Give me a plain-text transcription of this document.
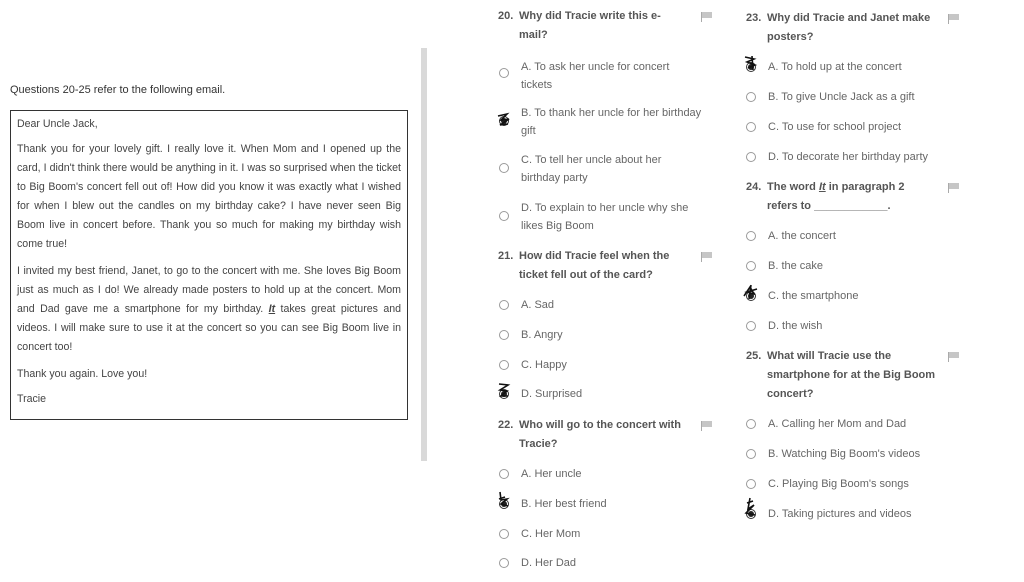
Questions 20-25 refer to the following email.

Dear Uncle Jack,

Thank you for your lovely gift. I really love it. When Mom and I opened up the card, I didn't think there would be anything in it. I was so surprised when the ticket to Big Boom's concert fell out of! How did you know it was exactly what I wished for when I blew out the candles on my birthday cake? I have never seen Big Boom live in concert before. Thank you so much for making my birthday wish come true!

I invited my best friend, Janet, to go to the concert with me. She loves Big Boom just as much as I do! We already made posters to hold up at the concert. Mom and Dad gave me a smartphone for my birthday. It takes great pictures and videos. I will make sure to use it at the concert so you can see Big Boom live in concert too!

Thank you again. Love you!

Tracie

20. Why did Tracie write this e-
mail?
A. To ask her uncle for concert
tickets
B. To thank her uncle for her birthday
gift
C. To tell her uncle about her
birthday party
D. To explain to her uncle why she
likes Big Boom
21. How did Tracie feel when the
ticket fell out of the card?
A. Sad
B. Angry
C. Happy
D. Surprised
22. Who will go to the concert with
Tracie?
A. Her uncle
B. Her best friend
C. Her Mom
D. Her Dad
23. Why did Tracie and Janet make
posters?
A. To hold up at the concert
B. To give Uncle Jack as a gift
C. To use for school project
D. To decorate her birthday party
24. The word It in paragraph 2
refers to ____________.
A. the concert
B. the cake
C. the smartphone
D. the wish
25. What will Tracie use the
smartphone for at the Big Boom
concert?
A. Calling her Mom and Dad
B. Watching Big Boom's videos
C. Playing Big Boom's songs
D. Taking pictures and videos
